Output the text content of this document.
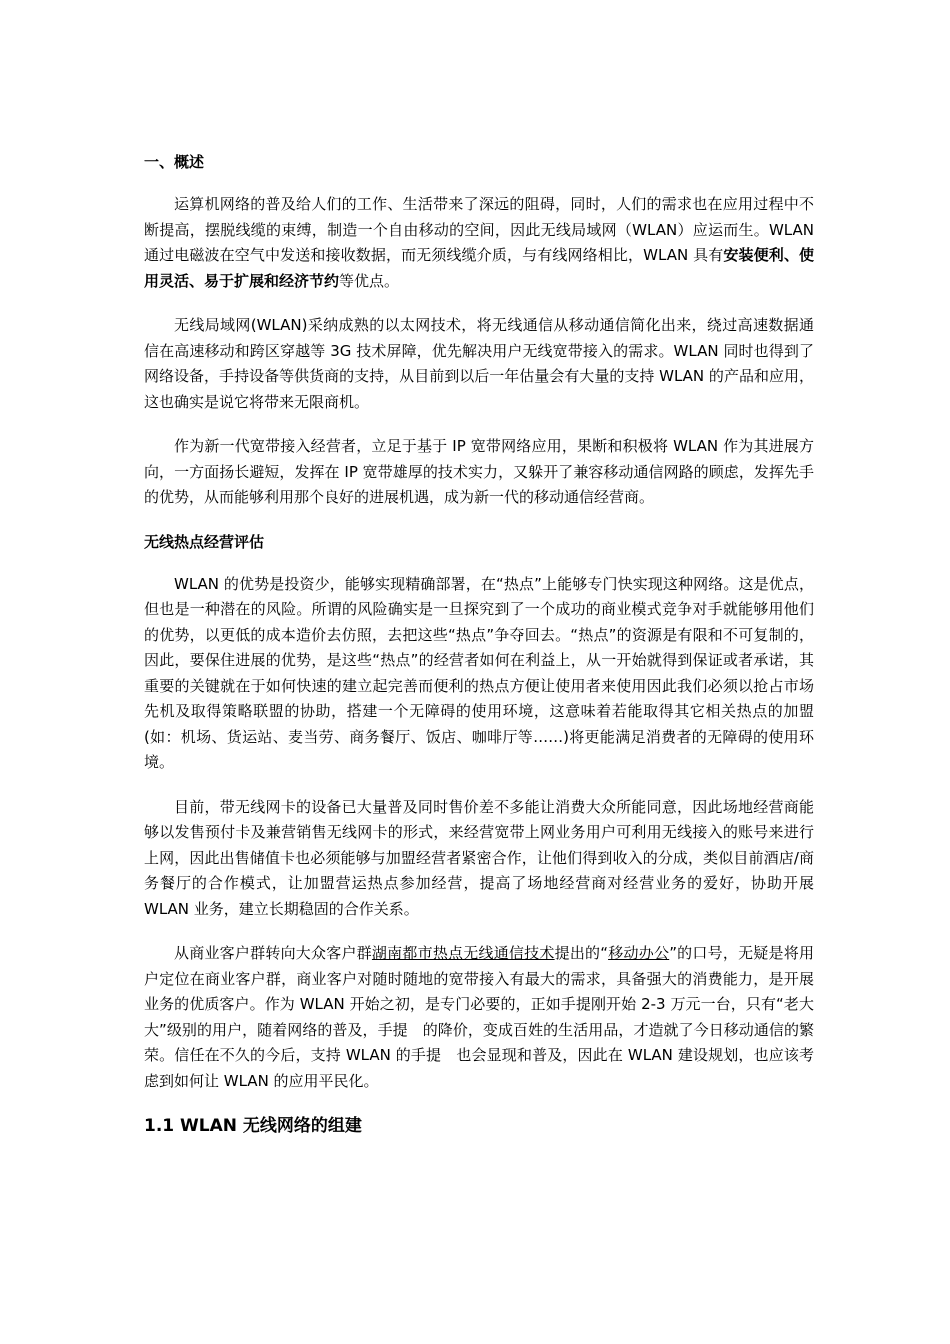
一、概述

运算机网络的普及给人们的工作、生活带来了深远的阻碍，同时，人们的需求也在应用过程中不断提高，摆脱线缆的束缚，制造一个自由移动的空间，因此无线局域网（WLAN）应运而生。WLAN 通过电磁波在空气中发送和接收数据，而无须线缆介质，与有线网络相比，WLAN 具有安装便利、使用灵活、易于扩展和经济节约等优点。

无线局域网(WLAN)采纳成熟的以太网技术，将无线通信从移动通信简化出来，绕过高速数据通信在高速移动和跨区穿越等 3G 技术屏障，优先解决用户无线宽带接入的需求。WLAN 同时也得到了网络设备，手持设备等供货商的支持，从目前到以后一年估量会有大量的支持 WLAN 的产品和应用，这也确实是说它将带来无限商机。

作为新一代宽带接入经营者，立足于基于 IP 宽带网络应用，果断和积极将 WLAN 作为其进展方向，一方面扬长避短，发挥在 IP 宽带雄厚的技术实力，又躲开了兼容移动通信网路的顾虑，发挥先手的优势，从而能够利用那个良好的进展机遇，成为新一代的移动通信经营商。

无线热点经营评估

WLAN 的优势是投资少，能够实现精确部署，在“热点”上能够专门快实现这种网络。这是优点，但也是一种潜在的风险。所谓的风险确实是一旦探究到了一个成功的商业模式竞争对手就能够用他们的优势，以更低的成本造价去仿照，去把这些“热点”争夺回去。“热点”的资源是有限和不可复制的，因此，要保住进展的优势，是这些“热点”的经营者如何在利益上，从一开始就得到保证或者承诺，其重要的关键就在于如何快速的建立起完善而便利的热点方便让使用者来使用因此我们必须以抢占市场先机及取得策略联盟的协助，搭建一个无障碍的使用环境，这意味着若能取得其它相关热点的加盟(如：机场、货运站、麦当劳、商务餐厅、饭店、咖啡厅等……)将更能满足消费者的无障碍的使用环境。

目前，带无线网卡的设备已大量普及同时售价差不多能让消费大众所能同意，因此场地经营商能够以发售预付卡及兼营销售无线网卡的形式，来经营宽带上网业务用户可利用无线接入的账号来进行上网，因此出售储值卡也必须能够与加盟经营者紧密合作，让他们得到收入的分成，类似目前酒店/商务餐厅的合作模式，让加盟营运热点参加经营，提高了场地经营商对经营业务的爱好，协助开展 WLAN 业务，建立长期稳固的合作关系。

从商业客户群转向大众客户群湖南都市热点无线通信技术提出的“移动办公”的口号，无疑是将用户定位在商业客户群，商业客户对随时随地的宽带接入有最大的需求，具备强大的消费能力，是开展业务的优质客户。作为 WLAN 开始之初，是专门必要的，正如手提刚开始 2-3 万元一台，只有“老大大”级别的用户，随着网络的普及，手提　的降价，变成百姓的生活用品，才造就了今日移动通信的繁荣。信任在不久的今后，支持 WLAN 的手提　也会显现和普及，因此在 WLAN 建设规划，也应该考虑到如何让 WLAN 的应用平民化。

1.1 WLAN 无线网络的组建
